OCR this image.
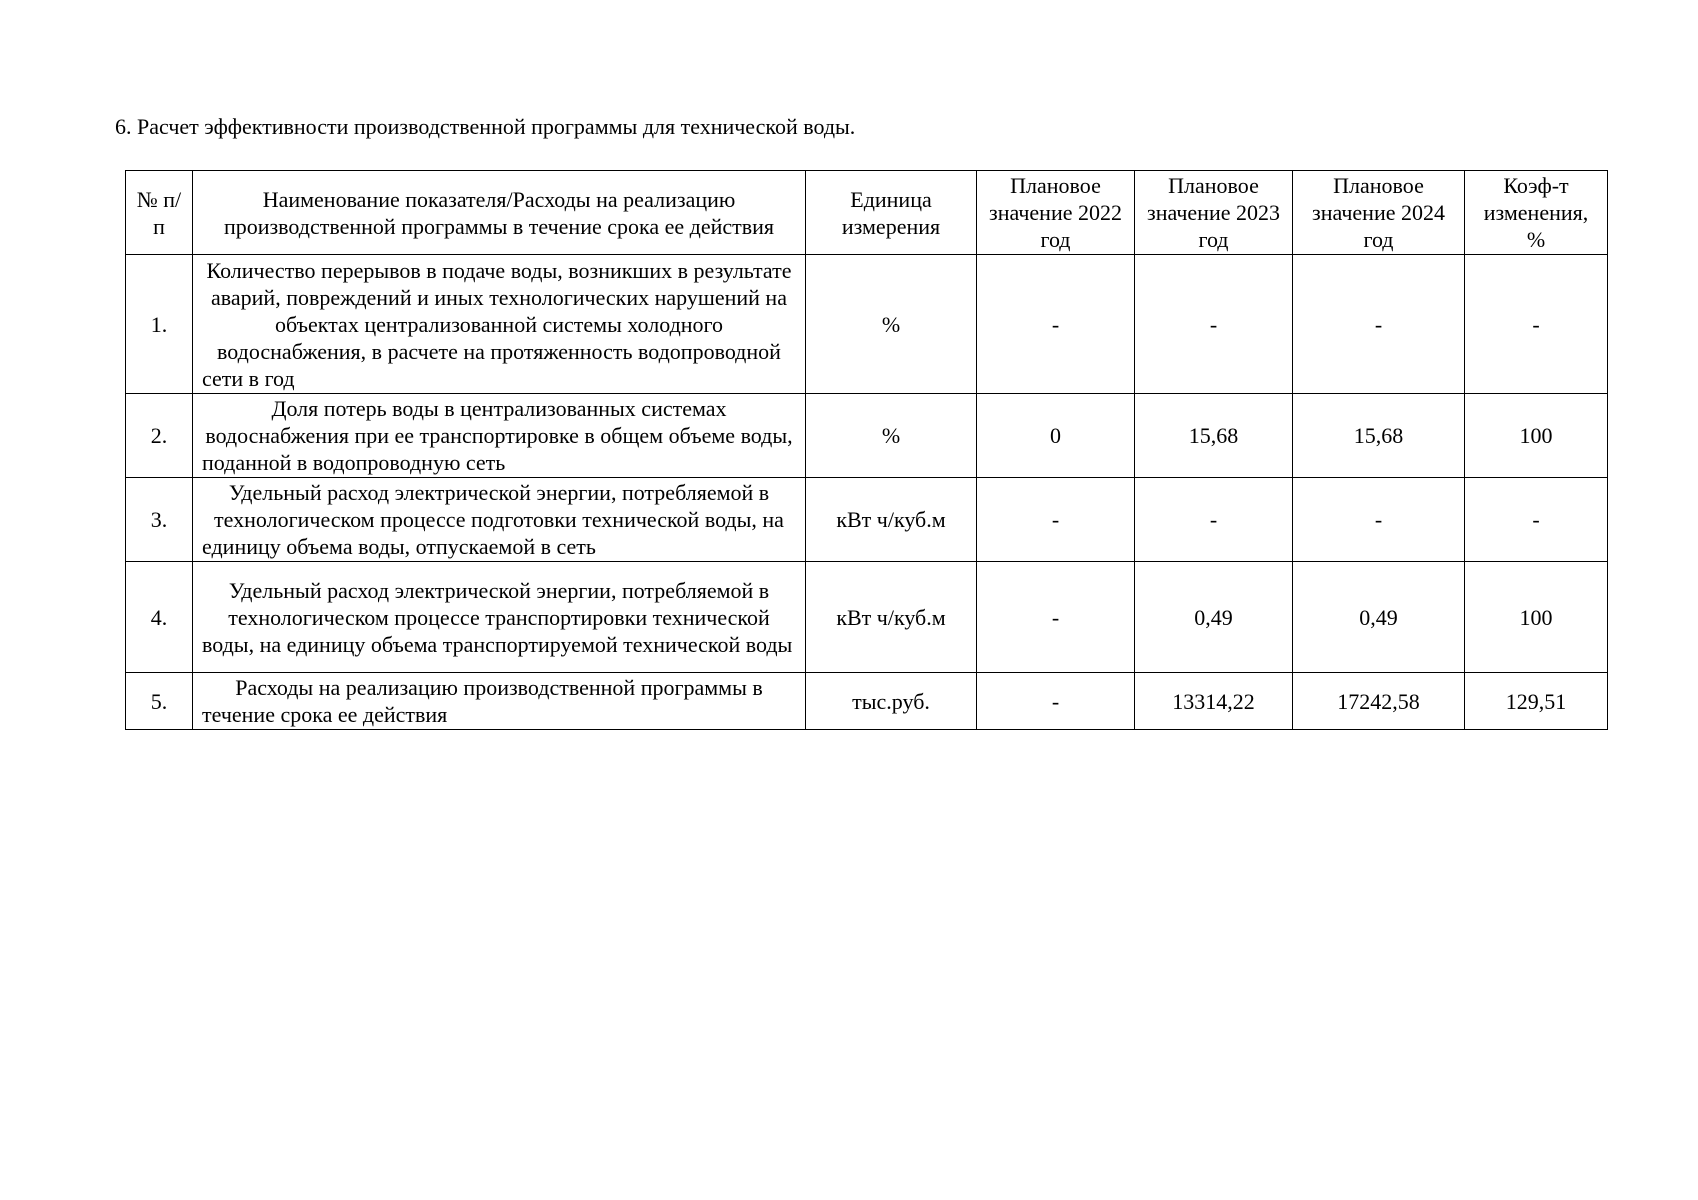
6. Расчет эффективности производственной программы для технической воды.
№ п/п	Наименование показателя/Расходы на реализацию производственной программы в течение срока ее действия	Единица измерения	Плановое значение 2022 год	Плановое значение 2023 год	Плановое значение 2024 год	Коэф-т изменения, %
1.	Количество перерывов в подаче воды, возникших в результате аварий, повреждений и иных технологических нарушений на объектах централизованной системы холодного водоснабжения, в расчете на протяженность водопроводной сети в год	%	-	-	-	-
2.	Доля потерь воды в централизованных системах водоснабжения при ее транспортировке в общем объеме воды, поданной в водопроводную сеть	%	0	15,68	15,68	100
3.	Удельный расход электрической энергии, потребляемой в технологическом процессе подготовки технической воды, на единицу объема воды, отпускаемой в сеть	кВт ч/куб.м	-	-	-	-
4.	Удельный расход электрической энергии, потребляемой в технологическом процессе транспортировки технической воды, на единицу объема транспортируемой технической воды	кВт ч/куб.м	-	0,49	0,49	100
5.	Расходы на реализацию производственной программы в течение срока ее действия	тыс.руб.	-	13314,22	17242,58	129,51
